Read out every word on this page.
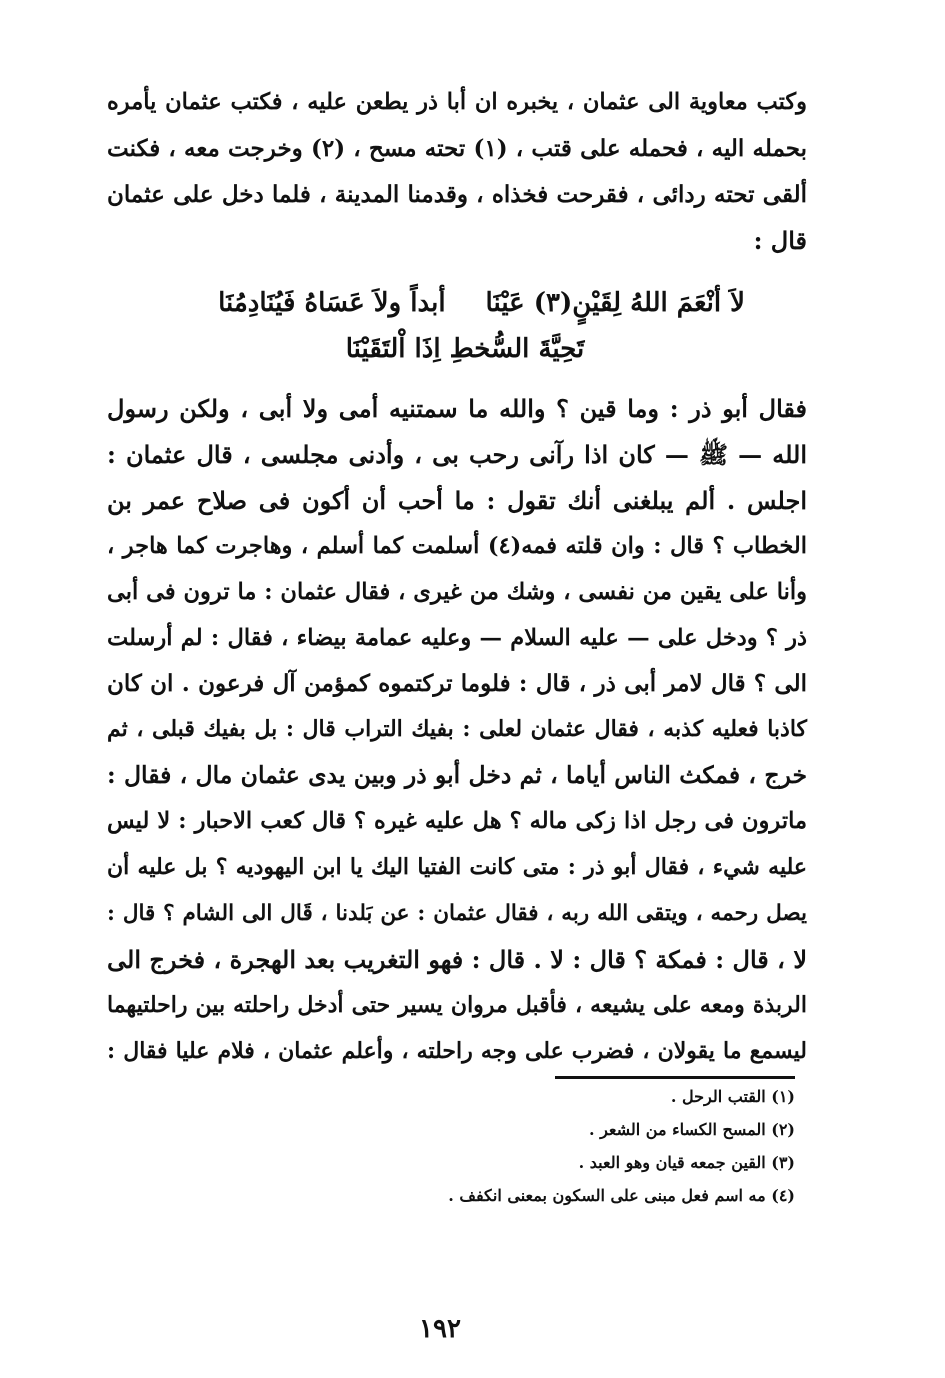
وكتب معاوية الى عثمان ، يخبره ان أبا ذر يطعن عليه ، فكتب عثمان يأمره
بحمله اليه ، فحمله على قتب ، (١) تحته مسح ، (٢) وخرجت معه ، فكنت
ألقى تحته ردائى ، فقرحت فخذاه ، وقدمنا المدينة ، فلما دخل على عثمان
قال :
لاَ أنْعَمَ اللهُ لِقَيْنٍ(٣) عَيْنَا
أبداً ولاَ عَسَاهُ فَيُنَادِمُنَا
تَحِيَّةَ السُّخطِ اِذَا اْلتَقَيْنَا
فقال أبو ذر : وما قين ؟ والله ما سمتنيه أمى ولا أبى ، ولكن رسول
الله — ﷺ — كان اذا رآنى رحب بى ، وأدنى مجلسى ، قال عثمان :
اجلس . ألم يبلغنى أنك تقول : ما أحب أن أكون فى صلاح عمر بن
الخطاب ؟ قال : وان قلته فمه(٤) أسلمت كما أسلم ، وهاجرت كما هاجر ،
وأنا على يقين من نفسى ، وشك من غيرى ، فقال عثمان : ما ترون فى أبى
ذر ؟ ودخل على — عليه السلام — وعليه عمامة بيضاء ، فقال : لم أرسلت
الى ؟ قال لامر أبى ذر ، قال : فلوما تركتموه كمؤمن آل فرعون . ان كان
كاذبا فعليه كذبه ، فقال عثمان لعلى : بفيك التراب قال : بل بفيك قبلى ، ثم
خرج ، فمكث الناس أياما ، ثم دخل أبو ذر وبين يدى عثمان مال ، فقال :
ماترون فى رجل اذا زكى ماله ؟ هل عليه غيره ؟ قال كعب الاحبار : لا ليس
عليه شيء ، فقال أبو ذر : متى كانت الفتيا اليك يا ابن اليهوديه ؟ بل عليه أن
يصل رحمه ، ويتقى الله ربه ، فقال عثمان : عن بَلدنا ، قَال الى الشام ؟ قال :
لا ، قال : فمكة ؟ قال : لا . قال : فهو التغريب بعد الهجرة ، فخرج الى
الربذة ومعه على يشيعه ، فأقبل مروان يسير حتى أدخل راحلته بين راحلتيهما
ليسمع ما يقولان ، فضرب على وجه راحلته ، وأعلم عثمان ، فلام عليا فقال :
(١) القتب الرحل .
(٢) المسح الكساء من الشعر .
(٣) القين جمعه قيان وهو العبد .
(٤) مه اسم فعل مبنى على السكون بمعنى انكفف .
١٩٢
